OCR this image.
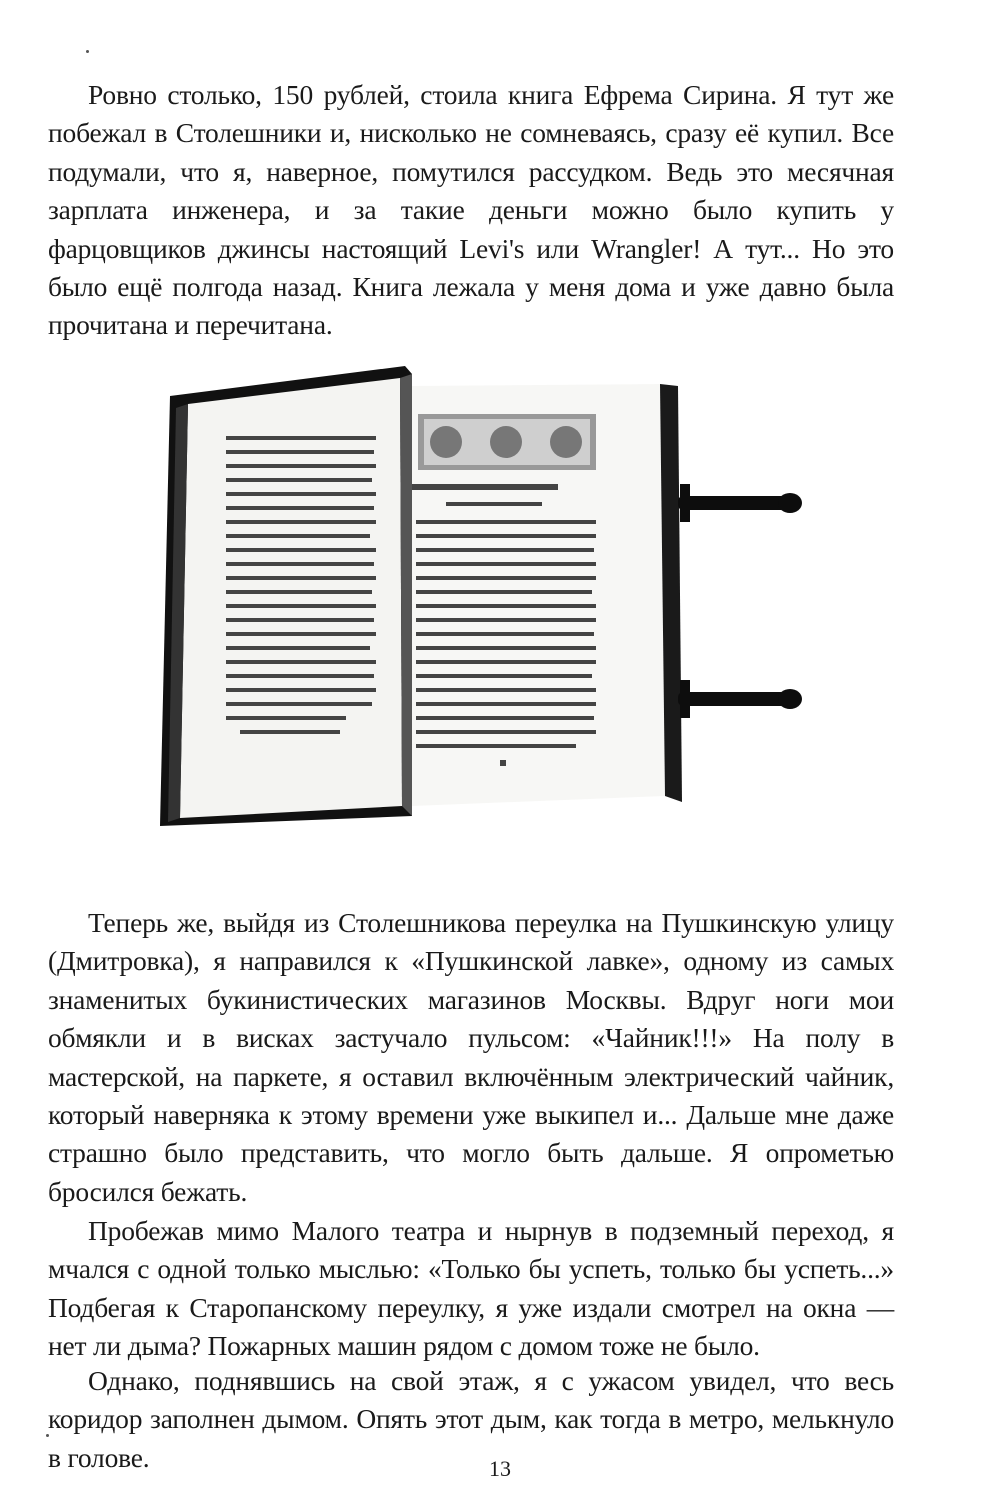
Ровно столько, 150 рублей, стоила книга Ефрема Сирина. Я тут же побежал в Столешники и, нисколько не сомневаясь, сразу её купил. Все подумали, что я, наверное, помутился рассудком. Ведь это месячная зарплата инженера, и за такие деньги можно было купить у фарцовщиков джинсы настоящий Levi's или Wrangler! А тут... Но это было ещё полгода назад. Книга лежала у меня дома и уже давно была прочитана и перечитана.

Теперь же, выйдя из Столешникова переулка на Пушкинскую улицу (Дмитровка), я направился к «Пушкинской лавке», одному из самых знаменитых букинистических магазинов Москвы. Вдруг ноги мои обмякли и в висках застучало пульсом: «Чайник!!!» На полу в мастерской, на паркете, я оставил включённым электрический чайник, который наверняка к этому времени уже выкипел и... Дальше мне даже страшно было представить, что могло быть дальше. Я опрометью бросился бежать.

Пробежав мимо Малого театра и нырнув в подземный переход, я мчался с одной только мыслью: «Только бы успеть, только бы успеть...» Подбегая к Старопанскому переулку, я уже издали смотрел на окна — нет ли дыма? Пожарных машин рядом с домом тоже не было.

Однако, поднявшись на свой этаж, я с ужасом увидел, что весь коридор заполнен дымом. Опять этот дым, как тогда в метро, мелькнуло в голове.	13
